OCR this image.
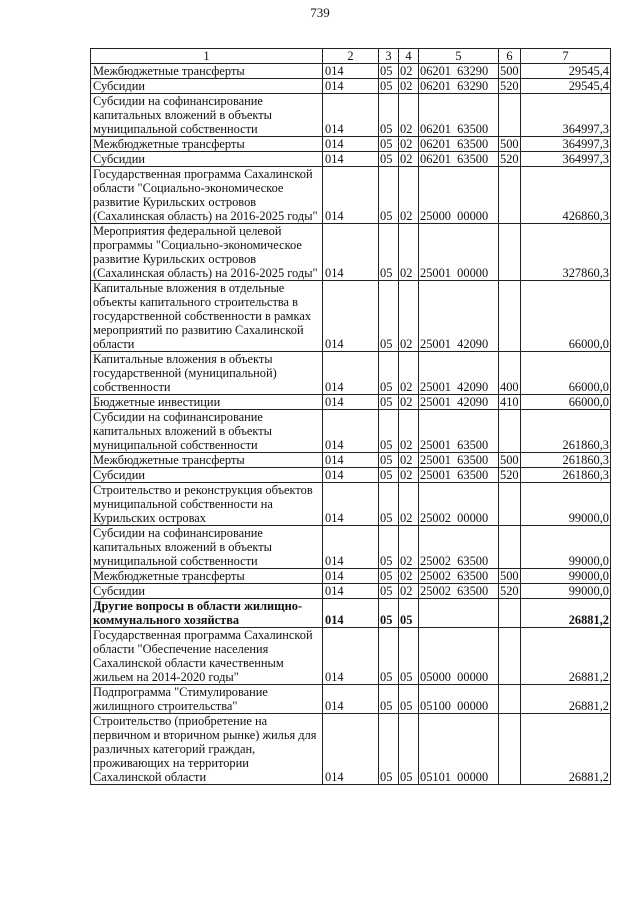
739
1	2	3	4	5	6	7
Межбюджетные трансферты	014	05	02	06201  63290	500	29545,4
Субсидии	014	05	02	06201  63290	520	29545,4
Субсидии на софинансирование капитальных вложений в объекты муниципальной собственности	014	05	02	06201  63500		364997,3
Межбюджетные трансферты	014	05	02	06201  63500	500	364997,3
Субсидии	014	05	02	06201  63500	520	364997,3
Государственная программа Сахалинской области "Социально-экономическое развитие Курильских островов (Сахалинская область) на 2016-2025 годы"	014	05	02	25000  00000		426860,3
Мероприятия федеральной целевой программы "Социально-экономическое развитие Курильских островов (Сахалинская область) на 2016-2025 годы"	014	05	02	25001  00000		327860,3
Капитальные вложения в отдельные объекты капитального строительства в государственной собственности в рамках мероприятий по развитию Сахалинской области	014	05	02	25001  42090		66000,0
Капитальные вложения в объекты государственной (муниципальной) собственности	014	05	02	25001  42090	400	66000,0
Бюджетные инвестиции	014	05	02	25001  42090	410	66000,0
Субсидии на софинансирование капитальных вложений в объекты муниципальной собственности	014	05	02	25001  63500		261860,3
Межбюджетные трансферты	014	05	02	25001  63500	500	261860,3
Субсидии	014	05	02	25001  63500	520	261860,3
Строительство и реконструкция объектов муниципальной собственности на Курильских островах	014	05	02	25002  00000		99000,0
Субсидии на софинансирование капитальных вложений в объекты муниципальной собственности	014	05	02	25002  63500		99000,0
Межбюджетные трансферты	014	05	02	25002  63500	500	99000,0
Субсидии	014	05	02	25002  63500	520	99000,0
Другие вопросы в области жилищно-коммунального хозяйства	014	05	05			26881,2
Государственная программа Сахалинской области "Обеспечение населения Сахалинской области качественным жильем на 2014-2020 годы"	014	05	05	05000  00000		26881,2
Подпрограмма "Стимулирование жилищного строительства"	014	05	05	05100  00000		26881,2
Строительство (приобретение на первичном и вторичном рынке) жилья для различных категорий граждан, проживающих на территории Сахалинской области	014	05	05	05101  00000		26881,2
